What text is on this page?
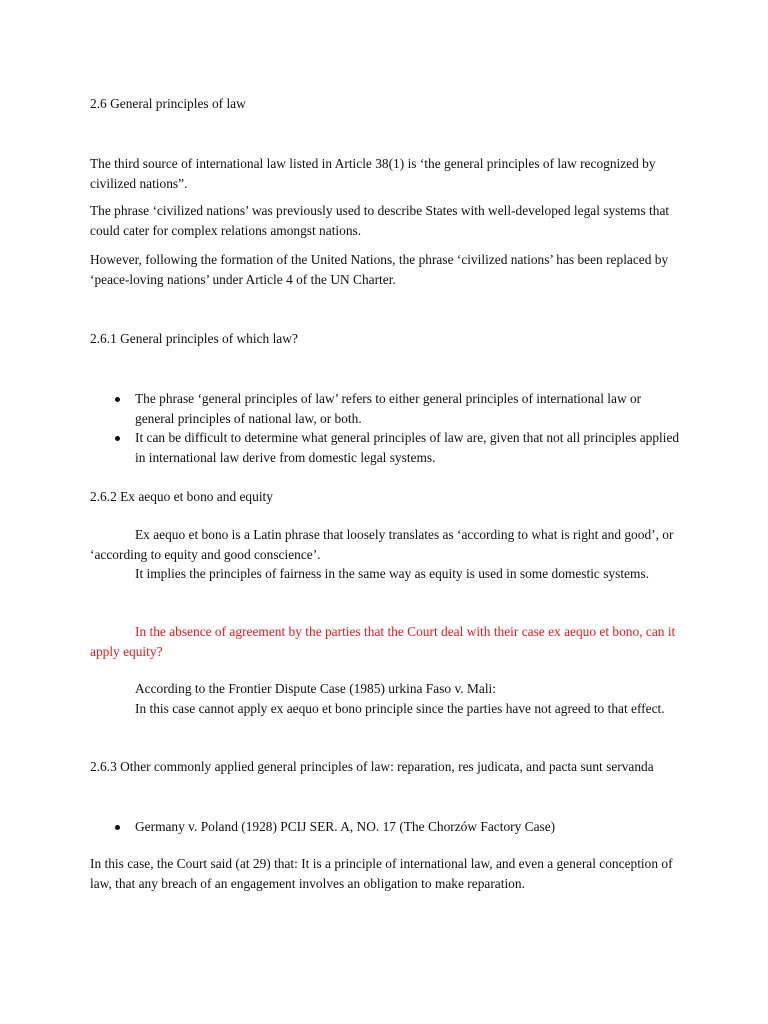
2.6 General principles of law

The third source of international law listed in Article 38(1) is ‘the general principles of law recognized by civilized nations”.

The phrase ‘civilized nations’ was previously used to describe States with well-developed legal systems that could cater for complex relations amongst nations.

However, following the formation of the United Nations, the phrase ‘civilized nations’ has been replaced by ‘peace-loving nations’ under Article 4 of the UN Charter.

2.6.1 General principles of which law?

The phrase ‘general principles of law’ refers to either general principles of international law or general principles of national law, or both.
It can be difficult to determine what general principles of law are, given that not all principles applied in international law derive from domestic legal systems.

2.6.2 Ex aequo et bono and equity

Ex aequo et bono is a Latin phrase that loosely translates as ‘according to what is right and good’, or ‘according to equity and good conscience’.

It implies the principles of fairness in the same way as equity is used in some domestic systems.

In the absence of agreement by the parties that the Court deal with their case ex aequo et bono, can it apply equity?

According to the Frontier Dispute Case (1985) urkina Faso v. Mali:

In this case cannot apply ex aequo et bono principle since the parties have not agreed to that effect.

2.6.3 Other commonly applied general principles of law: reparation, res judicata, and pacta sunt servanda

Germany v. Poland (1928) PCIJ SER. A, NO. 17 (The Chorzów Factory Case)

In this case, the Court said (at 29) that: It is a principle of international law, and even a general conception of law, that any breach of an engagement involves an obligation to make reparation.
